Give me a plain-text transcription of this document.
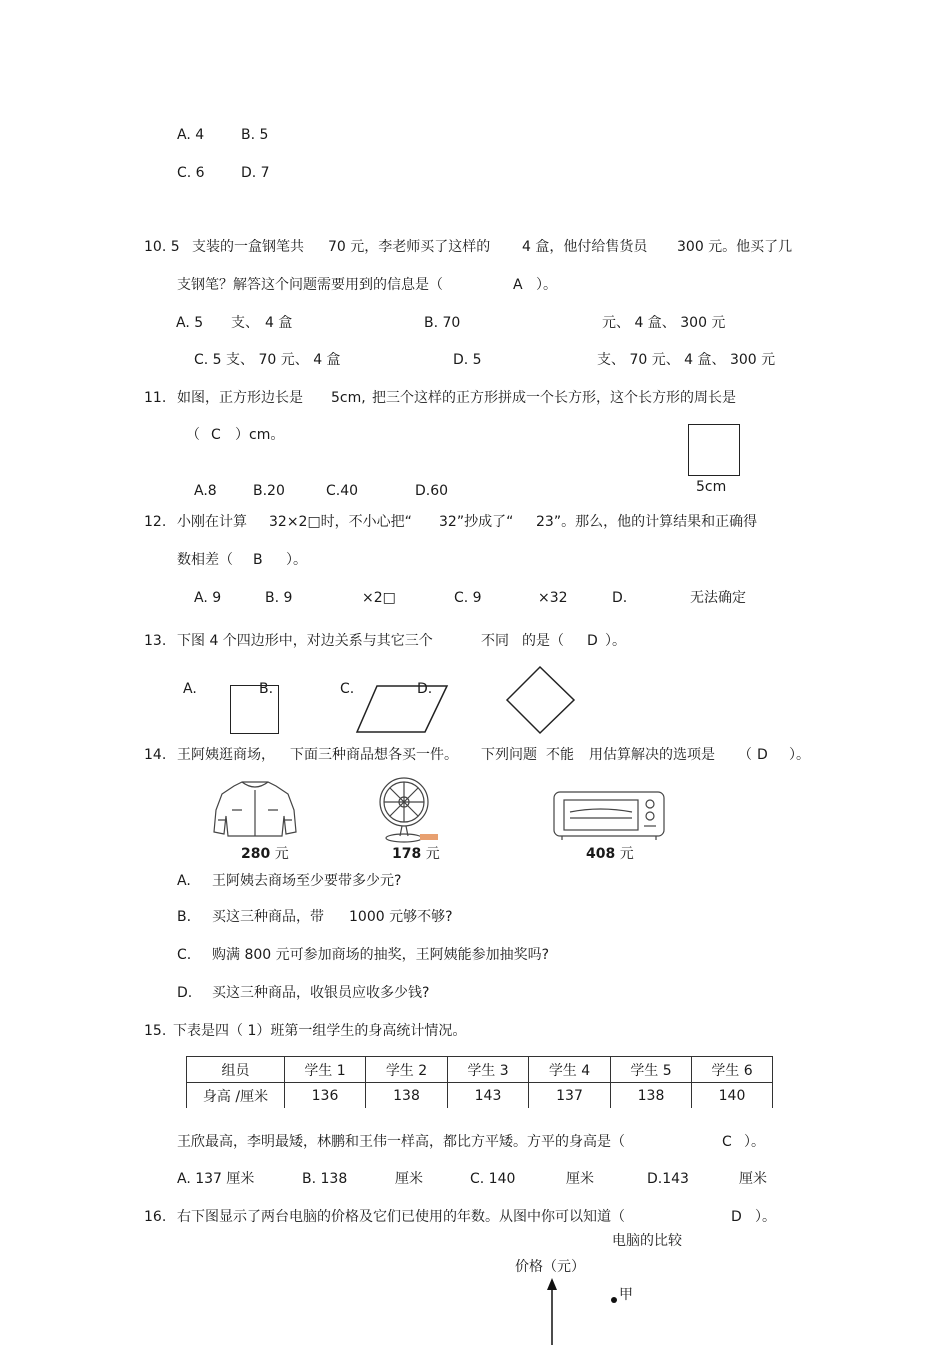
A. 4	B. 5
C. 6	D. 7
10. 5 支装的一盒钢笔共 70 元，李老师买了这样的 4 盒，他付给售货员 300 元。他买了几
支钢笔？解答这个问题需要用到的信息是（	A ）。
A. 5 支、 4 盒	B. 70	元、 4 盒、 300 元
C. 5 支、 70 元、 4 盒	D. 5	支、 70 元、 4 盒、 300 元
11. 如图，正方形边长是 5cm, 把三个这样的正方形拼成一个长方形，这个长方形的周长是
（ C ）cm。
5cm
A.8	B.20	C.40	D.60
12. 小刚在计算 32×2□时，不小心把“ 32”抄成了“ 23”。那么，他的计算结果和正确得
数相差（ B ）。
A. 9	B. 9	×2□	C. 9	×32	D.	无法确定
13. 下图 4 个四边形中，对边关系与其它三个	不同 的是（ D ）。
A.	B.	C.	D.
14. 王阿姨逛商场， 下面三种商品想各买一件。 下列问题 不能 用估算解决的选项是 （ D ）。
280 元	178 元	408 元
A. 王阿姨去商场至少要带多少元?
B. 买这三种商品，带 1000 元够不够?
C. 购满 800 元可参加商场的抽奖，王阿姨能参加抽奖吗?
D. 买这三种商品，收银员应收多少钱?
15. 下表是四（ 1）班第一组学生的身高统计情况。
组员	学生 1	学生 2	学生 3	学生 4	学生 5	学生 6
身高 /厘米	136	138	143	137	138	140
王欣最高，李明最矮，林鹏和王伟一样高，都比方平矮。方平的身高是（	C ）。
A. 137 厘米	B. 138	厘米	C. 140	厘米	D.143	厘米
16. 右下图显示了两台电脑的价格及它们已使用的年数。从图中你可以知道（	D ）。
电脑的比较
价格（元）
甲
